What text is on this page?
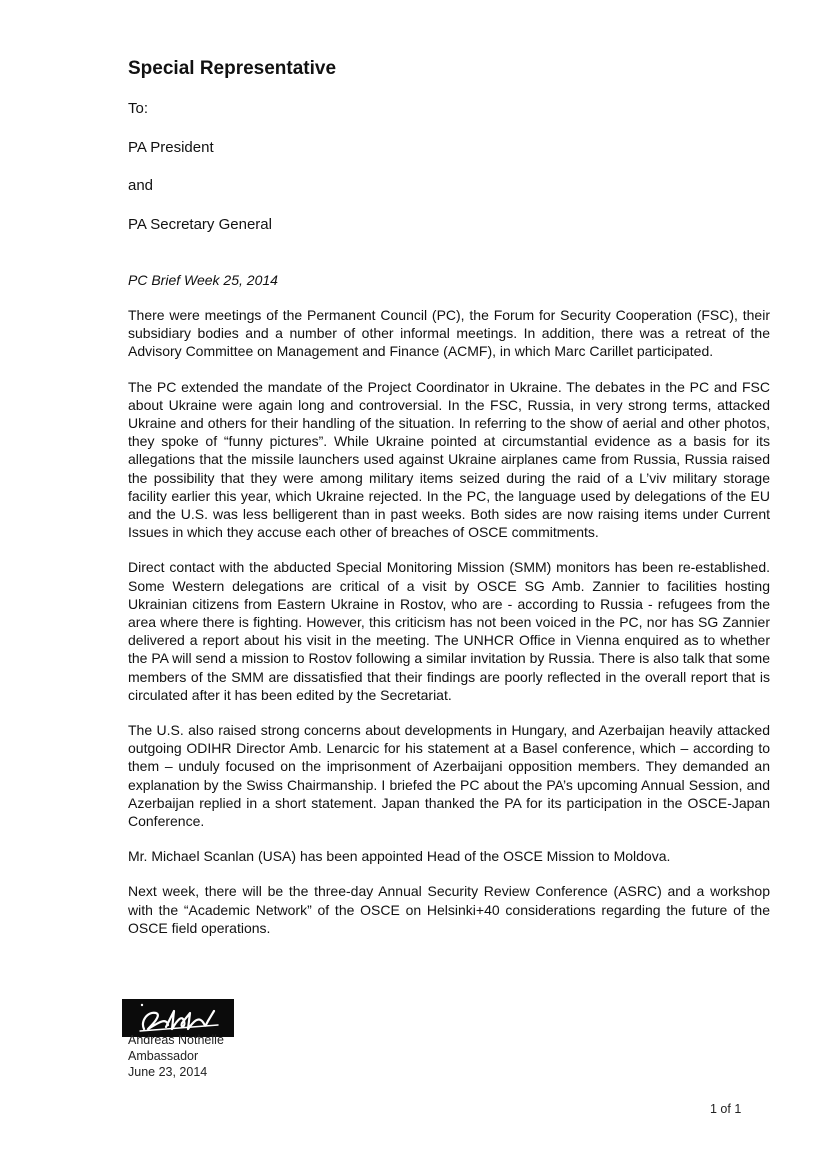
Special Representative

To:

PA President

and

PA Secretary General

PC Brief Week 25, 2014

There were meetings of the Permanent Council (PC), the Forum for Security Cooperation (FSC), their subsidiary bodies and a number of other informal meetings. In addition, there was a retreat of the Advisory Committee on Management and Finance (ACMF), in which Marc Carillet participated.

The PC extended the mandate of the Project Coordinator in Ukraine. The debates in the PC and FSC about Ukraine were again long and controversial. In the FSC, Russia, in very strong terms, attacked Ukraine and others for their handling of the situation. In referring to the show of aerial and other photos, they spoke of “funny pictures”. While Ukraine pointed at circumstantial evidence as a basis for its allegations that the missile launchers used against Ukraine airplanes came from Russia, Russia raised the possibility that they were among military items seized during the raid of a L’viv military storage facility earlier this year, which Ukraine rejected. In the PC, the language used by delegations of the EU and the U.S. was less belligerent than in past weeks. Both sides are now raising items under Current Issues in which they accuse each other of breaches of OSCE commitments.

Direct contact with the abducted Special Monitoring Mission (SMM) monitors has been re-established. Some Western delegations are critical of a visit by OSCE SG Amb. Zannier to facilities hosting Ukrainian citizens from Eastern Ukraine in Rostov, who are - according to Russia - refugees from the area where there is fighting. However, this criticism has not been voiced in the PC, nor has SG Zannier delivered a report about his visit in the meeting. The UNHCR Office in Vienna enquired as to whether the PA will send a mission to Rostov following a similar invitation by Russia. There is also talk that some members of the SMM are dissatisfied that their findings are poorly reflected in the overall report that is circulated after it has been edited by the Secretariat.

The U.S. also raised strong concerns about developments in Hungary, and Azerbaijan heavily attacked outgoing ODIHR Director Amb. Lenarcic for his statement at a Basel conference, which – according to them – unduly focused on the imprisonment of Azerbaijani opposition members. They demanded an explanation by the Swiss Chairmanship. I briefed the PC about the PA’s upcoming Annual Session, and Azerbaijan replied in a short statement. Japan thanked the PA for its participation in the OSCE-Japan Conference.

Mr. Michael Scanlan (USA) has been appointed Head of the OSCE Mission to Moldova.

Next week, there will be the three-day Annual Security Review Conference (ASRC) and a workshop with the “Academic Network” of the OSCE on Helsinki+40 considerations regarding the future of the OSCE field operations.

Andreas Nothelle

Ambassador

June 23, 2014

1 of 1
